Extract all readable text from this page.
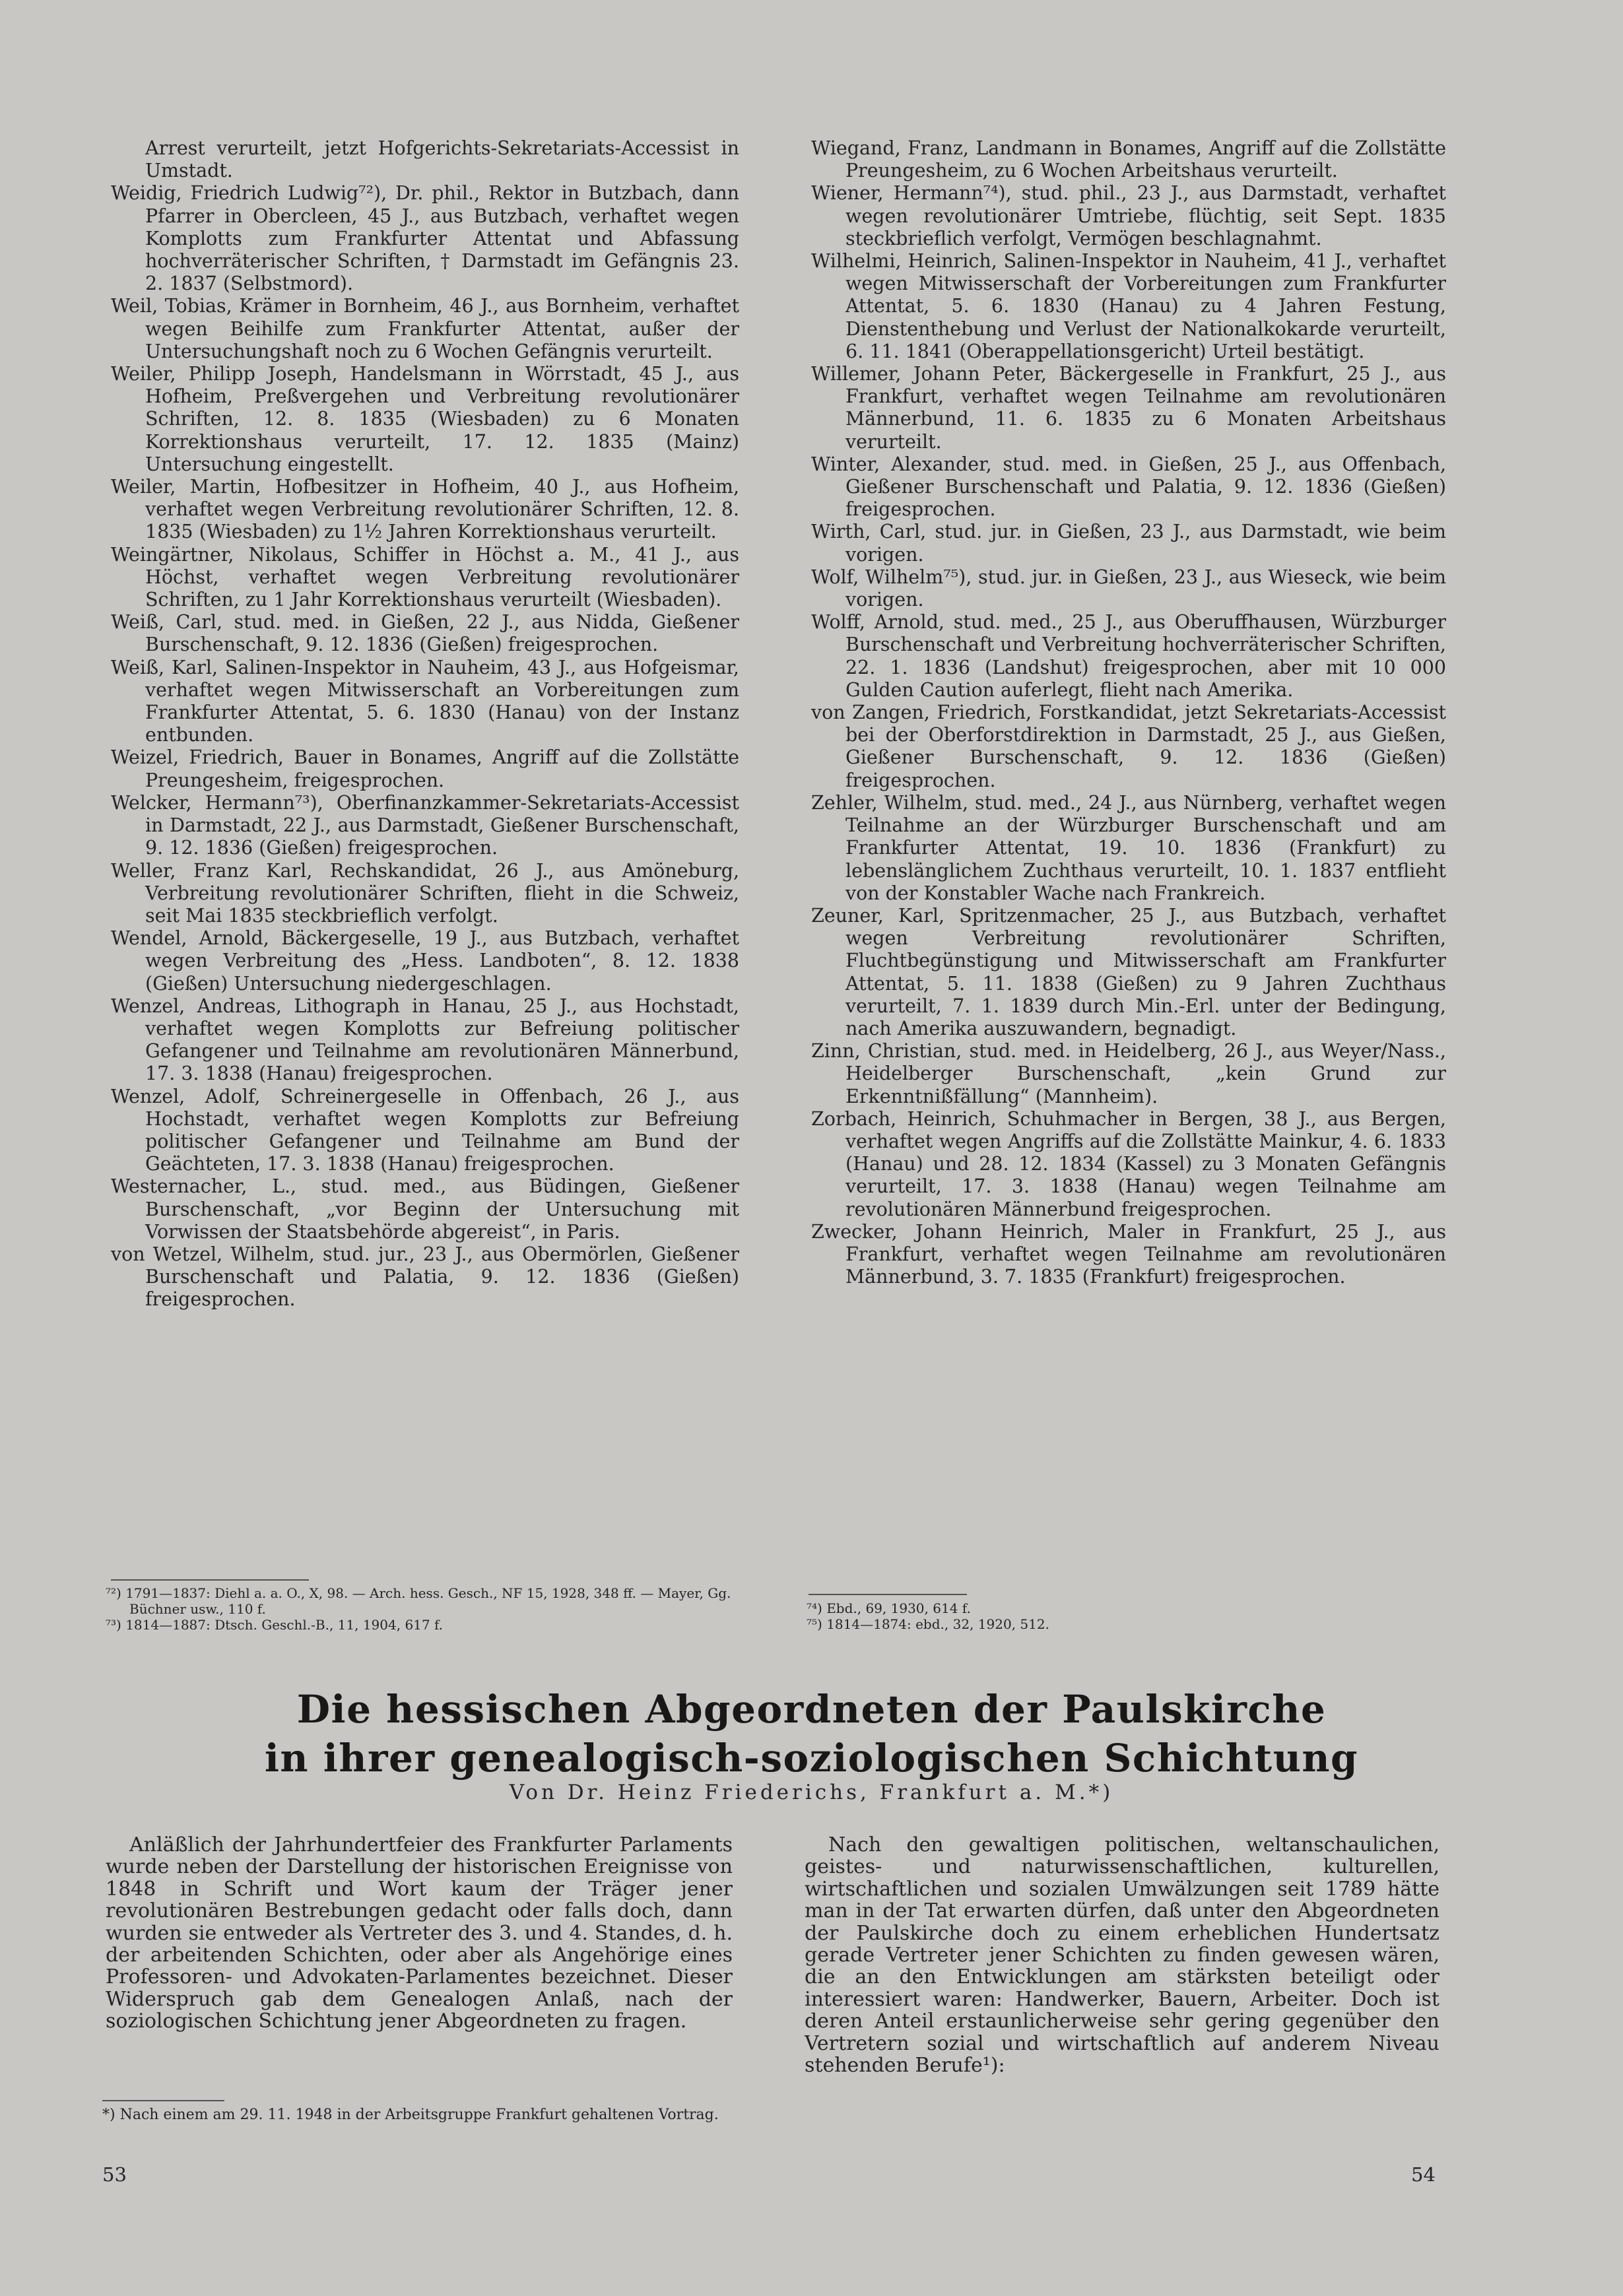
Arrest verurteilt, jetzt Hofgerichts-Sekretariats-Accessist in Umstadt.

Weidig, Friedrich Ludwig⁷²), Dr. phil., Rektor in Butzbach, dann Pfarrer in Obercleen, 45 J., aus Butzbach, verhaftet wegen Komplotts zum Frankfurter Attentat und Abfassung hochverräterischer Schriften, † Darmstadt im Gefängnis 23. 2. 1837 (Selbstmord).

Weil, Tobias, Krämer in Bornheim, 46 J., aus Bornheim, verhaftet wegen Beihilfe zum Frankfurter Attentat, außer der Untersuchungshaft noch zu 6 Wochen Gefängnis verurteilt.

Weiler, Philipp Joseph, Handelsmann in Wörrstadt, 45 J., aus Hofheim, Preßvergehen und Verbreitung revolutionärer Schriften, 12. 8. 1835 (Wiesbaden) zu 6 Monaten Korrektionshaus verurteilt, 17. 12. 1835 (Mainz) Untersuchung eingestellt.

Weiler, Martin, Hofbesitzer in Hofheim, 40 J., aus Hofheim, verhaftet wegen Verbreitung revolutionärer Schriften, 12. 8. 1835 (Wiesbaden) zu 1½ Jahren Korrektionshaus verurteilt.

Weingärtner, Nikolaus, Schiffer in Höchst a. M., 41 J., aus Höchst, verhaftet wegen Verbreitung revolutionärer Schriften, zu 1 Jahr Korrektionshaus verurteilt (Wiesbaden).

Weiß, Carl, stud. med. in Gießen, 22 J., aus Nidda, Gießener Burschenschaft, 9. 12. 1836 (Gießen) freigesprochen.

Weiß, Karl, Salinen-Inspektor in Nauheim, 43 J., aus Hofgeismar, verhaftet wegen Mitwisserschaft an Vorbereitungen zum Frankfurter Attentat, 5. 6. 1830 (Hanau) von der Instanz entbunden.

Weizel, Friedrich, Bauer in Bonames, Angriff auf die Zollstätte Preungesheim, freigesprochen.

Welcker, Hermann⁷³), Oberfinanzkammer-Sekretariats-Accessist in Darmstadt, 22 J., aus Darmstadt, Gießener Burschenschaft, 9. 12. 1836 (Gießen) freigesprochen.

Weller, Franz Karl, Rechskandidat, 26 J., aus Amöneburg, Verbreitung revolutionärer Schriften, flieht in die Schweiz, seit Mai 1835 steckbrieflich verfolgt.

Wendel, Arnold, Bäckergeselle, 19 J., aus Butzbach, verhaftet wegen Verbreitung des „Hess. Landboten“, 8. 12. 1838 (Gießen) Untersuchung niedergeschlagen.

Wenzel, Andreas, Lithograph in Hanau, 25 J., aus Hochstadt, verhaftet wegen Komplotts zur Befreiung politischer Gefangener und Teilnahme am revolutionären Männerbund, 17. 3. 1838 (Hanau) freigesprochen.

Wenzel, Adolf, Schreinergeselle in Offenbach, 26 J., aus Hochstadt, verhaftet wegen Komplotts zur Befreiung politischer Gefangener und Teilnahme am Bund der Geächteten, 17. 3. 1838 (Hanau) freigesprochen.

Westernacher, L., stud. med., aus Büdingen, Gießener Burschenschaft, „vor Beginn der Untersuchung mit Vorwissen der Staatsbehörde abgereist“, in Paris.

von Wetzel, Wilhelm, stud. jur., 23 J., aus Obermörlen, Gießener Burschenschaft und Palatia, 9. 12. 1836 (Gießen) freigesprochen.

⁷²) 1791—1837: Diehl a. a. O., X, 98. — Arch. hess. Gesch., NF 15, 1928, 348 ff. — Mayer, Gg. Büchner usw., 110 f.

⁷³) 1814—1887: Dtsch. Geschl.-B., 11, 1904, 617 f.

Wiegand, Franz, Landmann in Bonames, Angriff auf die Zollstätte Preungesheim, zu 6 Wochen Arbeitshaus verurteilt.

Wiener, Hermann⁷⁴), stud. phil., 23 J., aus Darmstadt, verhaftet wegen revolutionärer Umtriebe, flüchtig, seit Sept. 1835 steckbrieflich verfolgt, Vermögen beschlagnahmt.

Wilhelmi, Heinrich, Salinen-Inspektor in Nauheim, 41 J., verhaftet wegen Mitwisserschaft der Vorbereitungen zum Frankfurter Attentat, 5. 6. 1830 (Hanau) zu 4 Jahren Festung, Dienstenthebung und Verlust der Nationalkokarde verurteilt, 6. 11. 1841 (Oberappellationsgericht) Urteil bestätigt.

Willemer, Johann Peter, Bäckergeselle in Frankfurt, 25 J., aus Frankfurt, verhaftet wegen Teilnahme am revolutionären Männerbund, 11. 6. 1835 zu 6 Monaten Arbeitshaus verurteilt.

Winter, Alexander, stud. med. in Gießen, 25 J., aus Offenbach, Gießener Burschenschaft und Palatia, 9. 12. 1836 (Gießen) freigesprochen.

Wirth, Carl, stud. jur. in Gießen, 23 J., aus Darmstadt, wie beim vorigen.

Wolf, Wilhelm⁷⁵), stud. jur. in Gießen, 23 J., aus Wieseck, wie beim vorigen.

Wolff, Arnold, stud. med., 25 J., aus Oberuffhausen, Würzburger Burschenschaft und Verbreitung hochverräterischer Schriften, 22. 1. 1836 (Landshut) freigesprochen, aber mit 10 000 Gulden Caution auferlegt, flieht nach Amerika.

von Zangen, Friedrich, Forstkandidat, jetzt Sekretariats-Accessist bei der Oberforstdirektion in Darmstadt, 25 J., aus Gießen, Gießener Burschenschaft, 9. 12. 1836 (Gießen) freigesprochen.

Zehler, Wilhelm, stud. med., 24 J., aus Nürnberg, verhaftet wegen Teilnahme an der Würzburger Burschenschaft und am Frankfurter Attentat, 19. 10. 1836 (Frankfurt) zu lebenslänglichem Zuchthaus verurteilt, 10. 1. 1837 entflieht von der Konstabler Wache nach Frankreich.

Zeuner, Karl, Spritzenmacher, 25 J., aus Butzbach, verhaftet wegen Verbreitung revolutionärer Schriften, Fluchtbegünstigung und Mitwisserschaft am Frankfurter Attentat, 5. 11. 1838 (Gießen) zu 9 Jahren Zuchthaus verurteilt, 7. 1. 1839 durch Min.-Erl. unter der Bedingung, nach Amerika auszuwandern, begnadigt.

Zinn, Christian, stud. med. in Heidelberg, 26 J., aus Weyer/Nass., Heidelberger Burschenschaft, „kein Grund zur Erkenntnißfällung“ (Mannheim).

Zorbach, Heinrich, Schuhmacher in Bergen, 38 J., aus Bergen, verhaftet wegen Angriffs auf die Zollstätte Mainkur, 4. 6. 1833 (Hanau) und 28. 12. 1834 (Kassel) zu 3 Monaten Gefängnis verurteilt, 17. 3. 1838 (Hanau) wegen Teilnahme am revolutionären Männerbund freigesprochen.

Zwecker, Johann Heinrich, Maler in Frankfurt, 25 J., aus Frankfurt, verhaftet wegen Teilnahme am revolutionären Männerbund, 3. 7. 1835 (Frankfurt) freigesprochen.

⁷⁴) Ebd., 69, 1930, 614 f.

⁷⁵) 1814—1874: ebd., 32, 1920, 512.

Die hessischen Abgeordneten der Paulskirche
in ihrer genealogisch-soziologischen Schichtung
Von Dr. Heinz Friederichs, Frankfurt a. M.*)

Anläßlich der Jahrhundertfeier des Frankfurter Parlaments wurde neben der Darstellung der historischen Ereignisse von 1848 in Schrift und Wort kaum der Träger jener revolutionären Bestrebungen gedacht oder falls doch, dann wurden sie entweder als Vertreter des 3. und 4. Standes, d. h. der arbeitenden Schichten, oder aber als Angehörige eines Professoren- und Advokaten-Parlamentes bezeichnet. Dieser Widerspruch gab dem Genealogen Anlaß, nach der soziologischen Schichtung jener Abgeordneten zu fragen.

*) Nach einem am 29. 11. 1948 in der Arbeitsgruppe Frankfurt gehaltenen Vortrag.

Nach den gewaltigen politischen, weltanschaulichen, geistes- und naturwissenschaftlichen, kulturellen, wirtschaftlichen und sozialen Umwälzungen seit 1789 hätte man in der Tat erwarten dürfen, daß unter den Abgeordneten der Paulskirche doch zu einem erheblichen Hundertsatz gerade Vertreter jener Schichten zu finden gewesen wären, die an den Entwicklungen am stärksten beteiligt oder interessiert waren: Handwerker, Bauern, Arbeiter. Doch ist deren Anteil erstaunlicherweise sehr gering gegenüber den Vertretern sozial und wirtschaftlich auf anderem Niveau stehenden Berufe¹):

53	54
